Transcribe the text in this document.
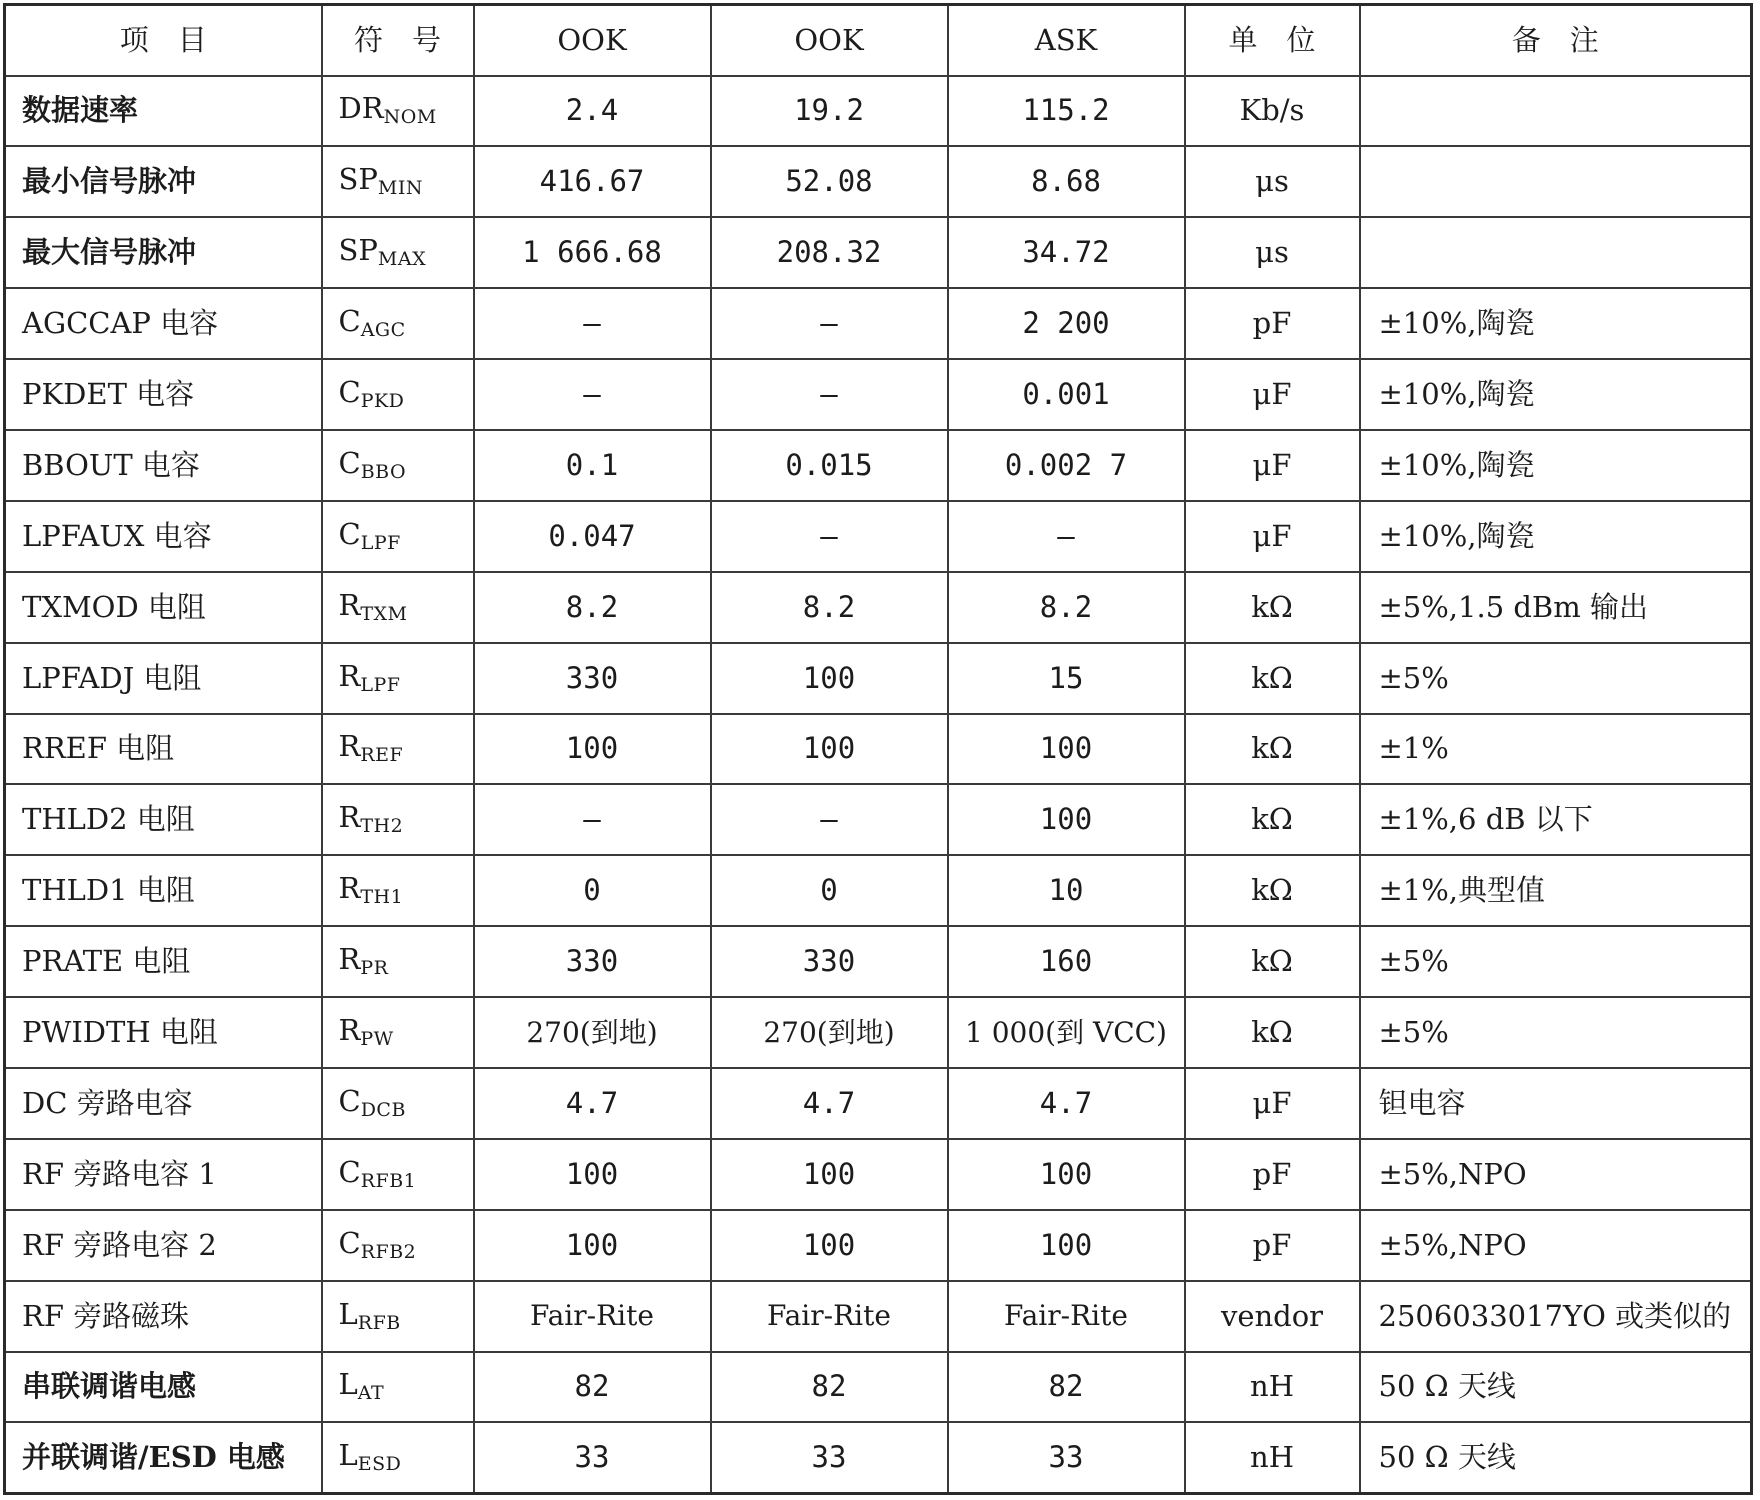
项　目	符　号	OOK	OOK	ASK	单　位	备　注
数据速率	$DR_{NOM}$	2.4	19.2	115.2	Kb/s	
最小信号脉冲	$SP_{MIN}$	416.67	52.08	8.68	μs	
最大信号脉冲	$SP_{MAX}$	1 666.68	208.32	34.72	μs	
AGCCAP 电容	$C_{AGC}$	—	—	2 200	pF	±10%,陶瓷
PKDET 电容	$C_{PKD}$	—	—	0.001	μF	±10%,陶瓷
BBOUT 电容	$C_{BBO}$	0.1	0.015	0.002 7	μF	±10%,陶瓷
LPFAUX 电容	$C_{LPF}$	0.047	—	—	μF	±10%,陶瓷
TXMOD 电阻	$R_{TXM}$	8.2	8.2	8.2	kΩ	±5%,1.5 dBm 输出
LPFADJ 电阻	$R_{LPF}$	330	100	15	kΩ	±5%
RREF 电阻	$R_{REF}$	100	100	100	kΩ	±1%
THLD2 电阻	$R_{TH2}$	—	—	100	kΩ	±1%,6 dB 以下
THLD1 电阻	$R_{TH1}$	0	0	10	kΩ	±1%,典型值
PRATE 电阻	$R_{PR}$	330	330	160	kΩ	±5%
PWIDTH 电阻	$R_{PW}$	270(到地)	270(到地)	1 000(到 VCC)	kΩ	±5%
DC 旁路电容	$C_{DCB}$	4.7	4.7	4.7	μF	钽电容
RF 旁路电容 1	$C_{RFB1}$	100	100	100	pF	±5%,NPO
RF 旁路电容 2	$C_{RFB2}$	100	100	100	pF	±5%,NPO
RF 旁路磁珠	$L_{RFB}$	Fair-Rite	Fair-Rite	Fair-Rite	vendor	2506033017YO 或类似的
串联调谐电感	$L_{AT}$	82	82	82	nH	50 Ω 天线
并联调谐/ESD 电感	$L_{ESD}$	33	33	33	nH	50 Ω 天线
